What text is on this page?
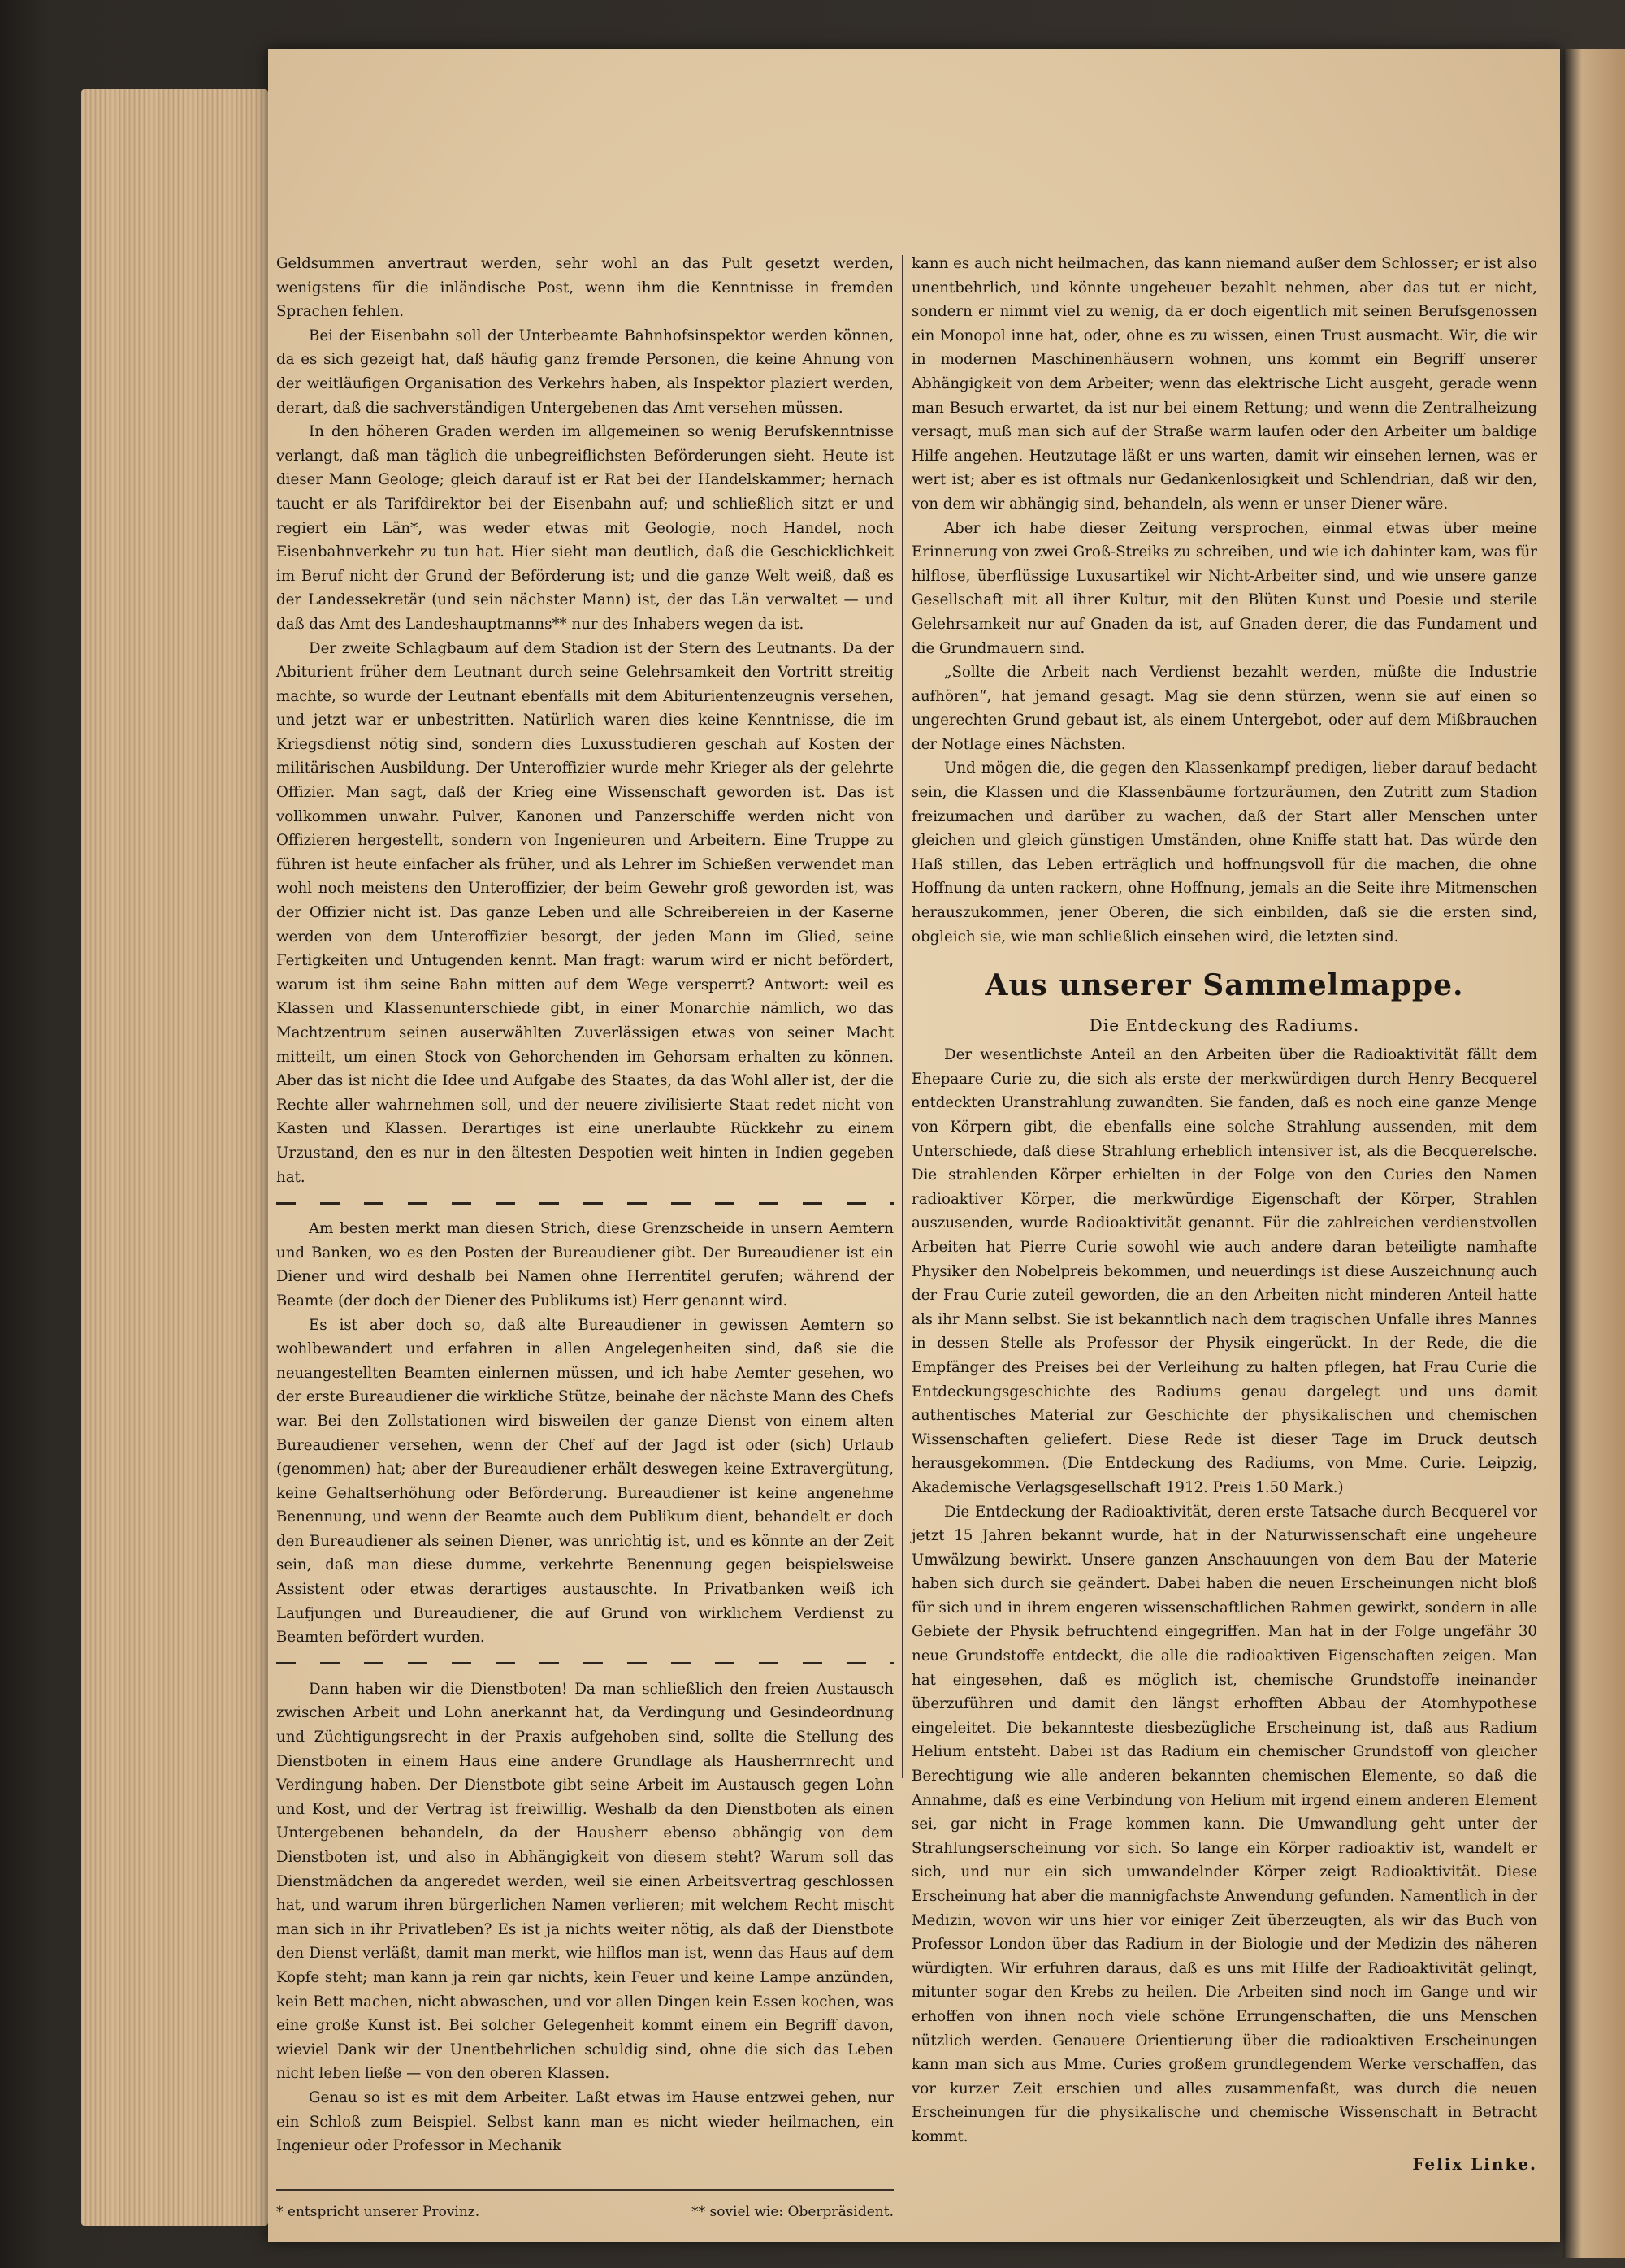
Geldsummen anvertraut werden, sehr wohl an das Pult gesetzt werden, wenigstens für die inländische Post, wenn ihm die Kenntnisse in fremden Sprachen fehlen.

Bei der Eisenbahn soll der Unterbeamte Bahnhofsinspektor werden können, da es sich gezeigt hat, daß häufig ganz fremde Personen, die keine Ahnung von der weitläufigen Organisation des Verkehrs haben, als Inspektor plaziert werden, derart, daß die sachverständigen Untergebenen das Amt versehen müssen.

In den höheren Graden werden im allgemeinen so wenig Berufskenntnisse verlangt, daß man täglich die unbegreiflichsten Beförderungen sieht. Heute ist dieser Mann Geologe; gleich darauf ist er Rat bei der Handelskammer; hernach taucht er als Tarifdirektor bei der Eisenbahn auf; und schließlich sitzt er und regiert ein Län*, was weder etwas mit Geologie, noch Handel, noch Eisenbahnverkehr zu tun hat. Hier sieht man deutlich, daß die Geschicklichkeit im Beruf nicht der Grund der Beförderung ist; und die ganze Welt weiß, daß es der Landessekretär (und sein nächster Mann) ist, der das Län verwaltet — und daß das Amt des Landeshauptmanns** nur des Inhabers wegen da ist.

Der zweite Schlagbaum auf dem Stadion ist der Stern des Leutnants. Da der Abiturient früher dem Leutnant durch seine Gelehrsamkeit den Vortritt streitig machte, so wurde der Leutnant ebenfalls mit dem Abiturientenzeugnis versehen, und jetzt war er unbestritten. Natürlich waren dies keine Kenntnisse, die im Kriegsdienst nötig sind, sondern dies Luxusstudieren geschah auf Kosten der militärischen Ausbildung. Der Unteroffizier wurde mehr Krieger als der gelehrte Offizier. Man sagt, daß der Krieg eine Wissenschaft geworden ist. Das ist vollkommen unwahr. Pulver, Kanonen und Panzerschiffe werden nicht von Offizieren hergestellt, sondern von Ingenieuren und Arbeitern. Eine Truppe zu führen ist heute einfacher als früher, und als Lehrer im Schießen verwendet man wohl noch meistens den Unteroffizier, der beim Gewehr groß geworden ist, was der Offizier nicht ist. Das ganze Leben und alle Schreibereien in der Kaserne werden von dem Unteroffizier besorgt, der jeden Mann im Glied, seine Fertigkeiten und Untugenden kennt. Man fragt: warum wird er nicht befördert, warum ist ihm seine Bahn mitten auf dem Wege versperrt? Antwort: weil es Klassen und Klassenunterschiede gibt, in einer Monarchie nämlich, wo das Machtzentrum seinen auserwählten Zuverlässigen etwas von seiner Macht mitteilt, um einen Stock von Gehorchenden im Gehorsam erhalten zu können. Aber das ist nicht die Idee und Aufgabe des Staates, da das Wohl aller ist, der die Rechte aller wahrnehmen soll, und der neuere zivilisierte Staat redet nicht von Kasten und Klassen. Derartiges ist eine unerlaubte Rückkehr zu einem Urzustand, den es nur in den ältesten Despotien weit hinten in Indien gegeben hat.

Am besten merkt man diesen Strich, diese Grenzscheide in unsern Aemtern und Banken, wo es den Posten der Bureaudiener gibt. Der Bureaudiener ist ein Diener und wird deshalb bei Namen ohne Herrentitel gerufen; während der Beamte (der doch der Diener des Publikums ist) Herr genannt wird.

Es ist aber doch so, daß alte Bureaudiener in gewissen Aemtern so wohlbewandert und erfahren in allen Angelegenheiten sind, daß sie die neuangestellten Beamten einlernen müssen, und ich habe Aemter gesehen, wo der erste Bureaudiener die wirkliche Stütze, beinahe der nächste Mann des Chefs war. Bei den Zollstationen wird bisweilen der ganze Dienst von einem alten Bureaudiener versehen, wenn der Chef auf der Jagd ist oder (sich) Urlaub (genommen) hat; aber der Bureaudiener erhält deswegen keine Extravergütung, keine Gehaltserhöhung oder Beförderung. Bureaudiener ist keine angenehme Benennung, und wenn der Beamte auch dem Publikum dient, behandelt er doch den Bureaudiener als seinen Diener, was unrichtig ist, und es könnte an der Zeit sein, daß man diese dumme, verkehrte Benennung gegen beispielsweise Assistent oder etwas derartiges austauschte. In Privatbanken weiß ich Laufjungen und Bureaudiener, die auf Grund von wirklichem Verdienst zu Beamten befördert wurden.

Dann haben wir die Dienstboten! Da man schließlich den freien Austausch zwischen Arbeit und Lohn anerkannt hat, da Verdingung und Gesindeordnung und Züchtigungsrecht in der Praxis aufgehoben sind, sollte die Stellung des Dienstboten in einem Haus eine andere Grundlage als Hausherrnrecht und Verdingung haben. Der Dienstbote gibt seine Arbeit im Austausch gegen Lohn und Kost, und der Vertrag ist freiwillig. Weshalb da den Dienstboten als einen Untergebenen behandeln, da der Hausherr ebenso abhängig von dem Dienstboten ist, und also in Abhängigkeit von diesem steht? Warum soll das Dienstmädchen da angeredet werden, weil sie einen Arbeitsvertrag geschlossen hat, und warum ihren bürgerlichen Namen verlieren; mit welchem Recht mischt man sich in ihr Privatleben? Es ist ja nichts weiter nötig, als daß der Dienstbote den Dienst verläßt, damit man merkt, wie hilflos man ist, wenn das Haus auf dem Kopfe steht; man kann ja rein gar nichts, kein Feuer und keine Lampe anzünden, kein Bett machen, nicht abwaschen, und vor allen Dingen kein Essen kochen, was eine große Kunst ist. Bei solcher Gelegenheit kommt einem ein Begriff davon, wieviel Dank wir der Unentbehrlichen schuldig sind, ohne die sich das Leben nicht leben ließe — von den oberen Klassen.

Genau so ist es mit dem Arbeiter. Laßt etwas im Hause entzwei gehen, nur ein Schloß zum Beispiel. Selbst kann man es nicht wieder heilmachen, ein Ingenieur oder Professor in Mechanik

* entspricht unserer Provinz.	** soviel wie: Oberpräsident.

kann es auch nicht heilmachen, das kann niemand außer dem Schlosser; er ist also unentbehrlich, und könnte ungeheuer bezahlt nehmen, aber das tut er nicht, sondern er nimmt viel zu wenig, da er doch eigentlich mit seinen Berufsgenossen ein Monopol inne hat, oder, ohne es zu wissen, einen Trust ausmacht. Wir, die wir in modernen Maschinenhäusern wohnen, uns kommt ein Begriff unserer Abhängigkeit von dem Arbeiter; wenn das elektrische Licht ausgeht, gerade wenn man Besuch erwartet, da ist nur bei einem Rettung; und wenn die Zentralheizung versagt, muß man sich auf der Straße warm laufen oder den Arbeiter um baldige Hilfe angehen. Heutzutage läßt er uns warten, damit wir einsehen lernen, was er wert ist; aber es ist oftmals nur Gedankenlosigkeit und Schlendrian, daß wir den, von dem wir abhängig sind, behandeln, als wenn er unser Diener wäre.

Aber ich habe dieser Zeitung versprochen, einmal etwas über meine Erinnerung von zwei Groß-Streiks zu schreiben, und wie ich dahinter kam, was für hilflose, überflüssige Luxusartikel wir Nicht-Arbeiter sind, und wie unsere ganze Gesellschaft mit all ihrer Kultur, mit den Blüten Kunst und Poesie und sterile Gelehrsamkeit nur auf Gnaden da ist, auf Gnaden derer, die das Fundament und die Grundmauern sind.

„Sollte die Arbeit nach Verdienst bezahlt werden, müßte die Industrie aufhören“, hat jemand gesagt. Mag sie denn stürzen, wenn sie auf einen so ungerechten Grund gebaut ist, als einem Untergebot, oder auf dem Mißbrauchen der Notlage eines Nächsten.

Und mögen die, die gegen den Klassenkampf predigen, lieber darauf bedacht sein, die Klassen und die Klassenbäume fortzuräumen, den Zutritt zum Stadion freizumachen und darüber zu wachen, daß der Start aller Menschen unter gleichen und gleich günstigen Umständen, ohne Kniffe statt hat. Das würde den Haß stillen, das Leben erträglich und hoffnungsvoll für die machen, die ohne Hoffnung da unten rackern, ohne Hoffnung, jemals an die Seite ihre Mitmenschen herauszukommen, jener Oberen, die sich einbilden, daß sie die ersten sind, obgleich sie, wie man schließlich einsehen wird, die letzten sind.

Aus unserer Sammelmappe.
Die Entdeckung des Radiums.

Der wesentlichste Anteil an den Arbeiten über die Radioaktivität fällt dem Ehepaare Curie zu, die sich als erste der merkwürdigen durch Henry Becquerel entdeckten Uranstrahlung zuwandten. Sie fanden, daß es noch eine ganze Menge von Körpern gibt, die ebenfalls eine solche Strahlung aussenden, mit dem Unterschiede, daß diese Strahlung erheblich intensiver ist, als die Becquerelsche. Die strahlenden Körper erhielten in der Folge von den Curies den Namen radioaktiver Körper, die merkwürdige Eigenschaft der Körper, Strahlen auszusenden, wurde Radioaktivität genannt. Für die zahlreichen verdienstvollen Arbeiten hat Pierre Curie sowohl wie auch andere daran beteiligte namhafte Physiker den Nobelpreis bekommen, und neuerdings ist diese Auszeichnung auch der Frau Curie zuteil geworden, die an den Arbeiten nicht minderen Anteil hatte als ihr Mann selbst. Sie ist bekanntlich nach dem tragischen Unfalle ihres Mannes in dessen Stelle als Professor der Physik eingerückt. In der Rede, die die Empfänger des Preises bei der Verleihung zu halten pflegen, hat Frau Curie die Entdeckungsgeschichte des Radiums genau dargelegt und uns damit authentisches Material zur Geschichte der physikalischen und chemischen Wissenschaften geliefert. Diese Rede ist dieser Tage im Druck deutsch herausgekommen. (Die Entdeckung des Radiums, von Mme. Curie. Leipzig, Akademische Verlagsgesellschaft 1912. Preis 1.50 Mark.)

Die Entdeckung der Radioaktivität, deren erste Tatsache durch Becquerel vor jetzt 15 Jahren bekannt wurde, hat in der Naturwissenschaft eine ungeheure Umwälzung bewirkt. Unsere ganzen Anschauungen von dem Bau der Materie haben sich durch sie geändert. Dabei haben die neuen Erscheinungen nicht bloß für sich und in ihrem engeren wissenschaftlichen Rahmen gewirkt, sondern in alle Gebiete der Physik befruchtend eingegriffen. Man hat in der Folge ungefähr 30 neue Grundstoffe entdeckt, die alle die radioaktiven Eigenschaften zeigen. Man hat eingesehen, daß es möglich ist, chemische Grundstoffe ineinander überzuführen und damit den längst erhofften Abbau der Atomhypothese eingeleitet. Die bekannteste diesbezügliche Erscheinung ist, daß aus Radium Helium entsteht. Dabei ist das Radium ein chemischer Grundstoff von gleicher Berechtigung wie alle anderen bekannten chemischen Elemente, so daß die Annahme, daß es eine Verbindung von Helium mit irgend einem anderen Element sei, gar nicht in Frage kommen kann. Die Umwandlung geht unter der Strahlungserscheinung vor sich. So lange ein Körper radioaktiv ist, wandelt er sich, und nur ein sich umwandelnder Körper zeigt Radioaktivität. Diese Erscheinung hat aber die mannigfachste Anwendung gefunden. Namentlich in der Medizin, wovon wir uns hier vor einiger Zeit überzeugten, als wir das Buch von Professor London über das Radium in der Biologie und der Medizin des näheren würdigten. Wir erfuhren daraus, daß es uns mit Hilfe der Radioaktivität gelingt, mitunter sogar den Krebs zu heilen. Die Arbeiten sind noch im Gange und wir erhoffen von ihnen noch viele schöne Errungenschaften, die uns Menschen nützlich werden. Genauere Orientierung über die radioaktiven Erscheinungen kann man sich aus Mme. Curies großem grundlegendem Werke verschaffen, das vor kurzer Zeit erschien und alles zusammenfaßt, was durch die neuen Erscheinungen für die physikalische und chemische Wissenschaft in Betracht kommt.

Felix Linke.
